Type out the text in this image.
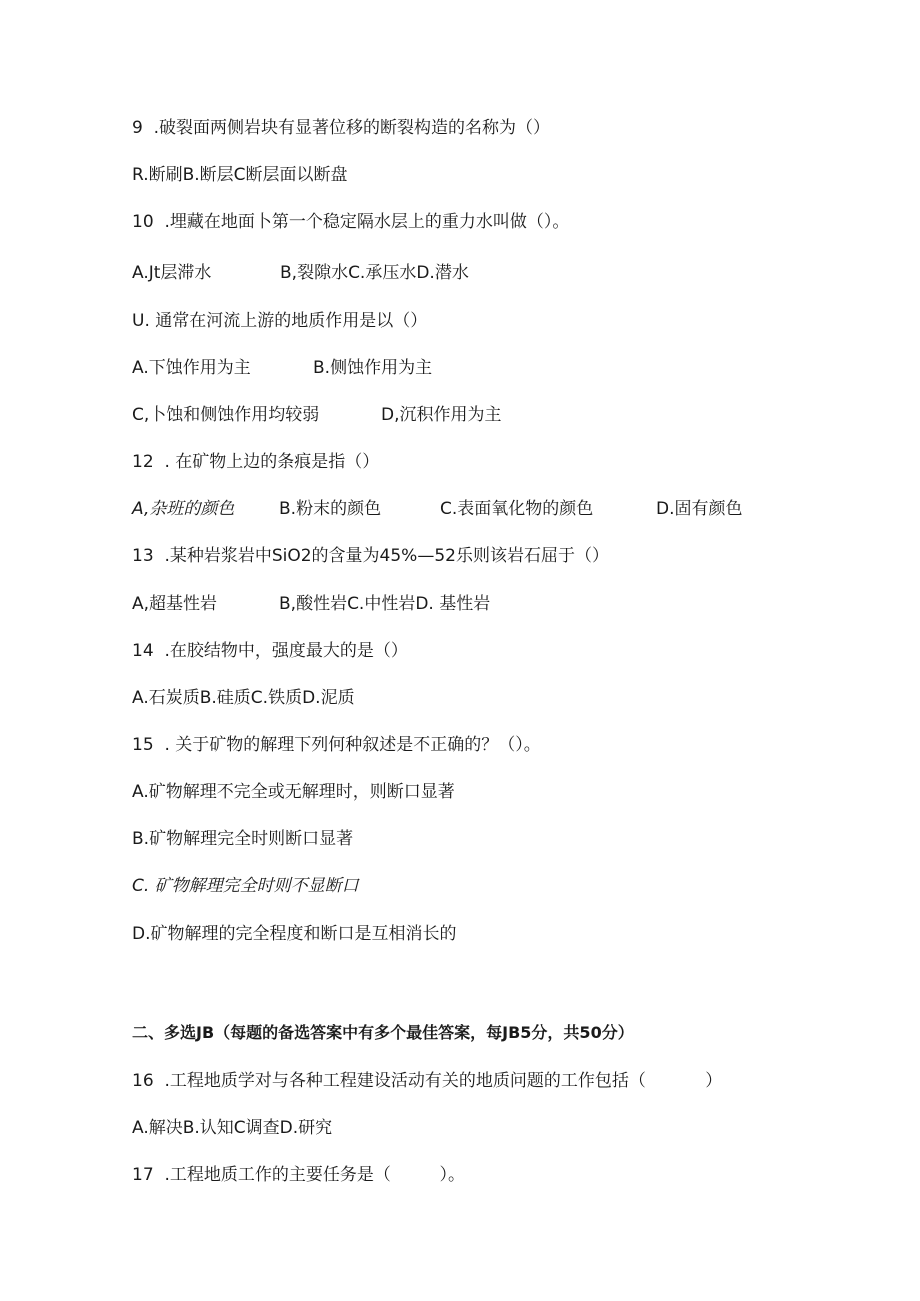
9  .破裂面两侧岩块有显著位移的断裂构造的名称为（）
R.断刷B.断层C断层面以断盘
10  .埋藏在地面卜第一个稳定隔水层上的重力水叫做（）。

A.Jt层滞水

	B,裂隙水C.承压水D.潜水

U. 通常在河流上游的地质作用是以（）

A.下蚀作用为主

	B.侧蚀作用为主

C,卜蚀和侧蚀作用均较弱

	D,沉积作用为主

12  . 在矿物上边的条痕是指（）

A,杂班的颜色

	B.粉末的颜色

	C.表面氧化物的颜色

	D.固有颜色

13  .某种岩浆岩中SiO2的含量为45%—52乐则该岩石屈于（）

A,超基性岩

	B,酸性岩C.中性岩D. 基性岩

14  .在胶结物中，强度最大的是（）
A.石炭质B.硅质C.铁质D.泥质
15  . 关于矿物的解理下列何种叙述是不正确的？（）。
A.矿物解理不完全或无解理时，则断口显著
B.矿物解理完全时则断口显著
C. 矿物解理完全时则不显断口
D.矿物解理的完全程度和断口是互相消长的
二、多选JB（每题的备选答案中有多个最佳答案，每JB5分，共50分）
16  .工程地质学对与各种工程建设活动有关的地质问题的工作包括（           ）
A.解决B.认知C调查D.研究
17  .工程地质工作的主要任务是（         ）。
